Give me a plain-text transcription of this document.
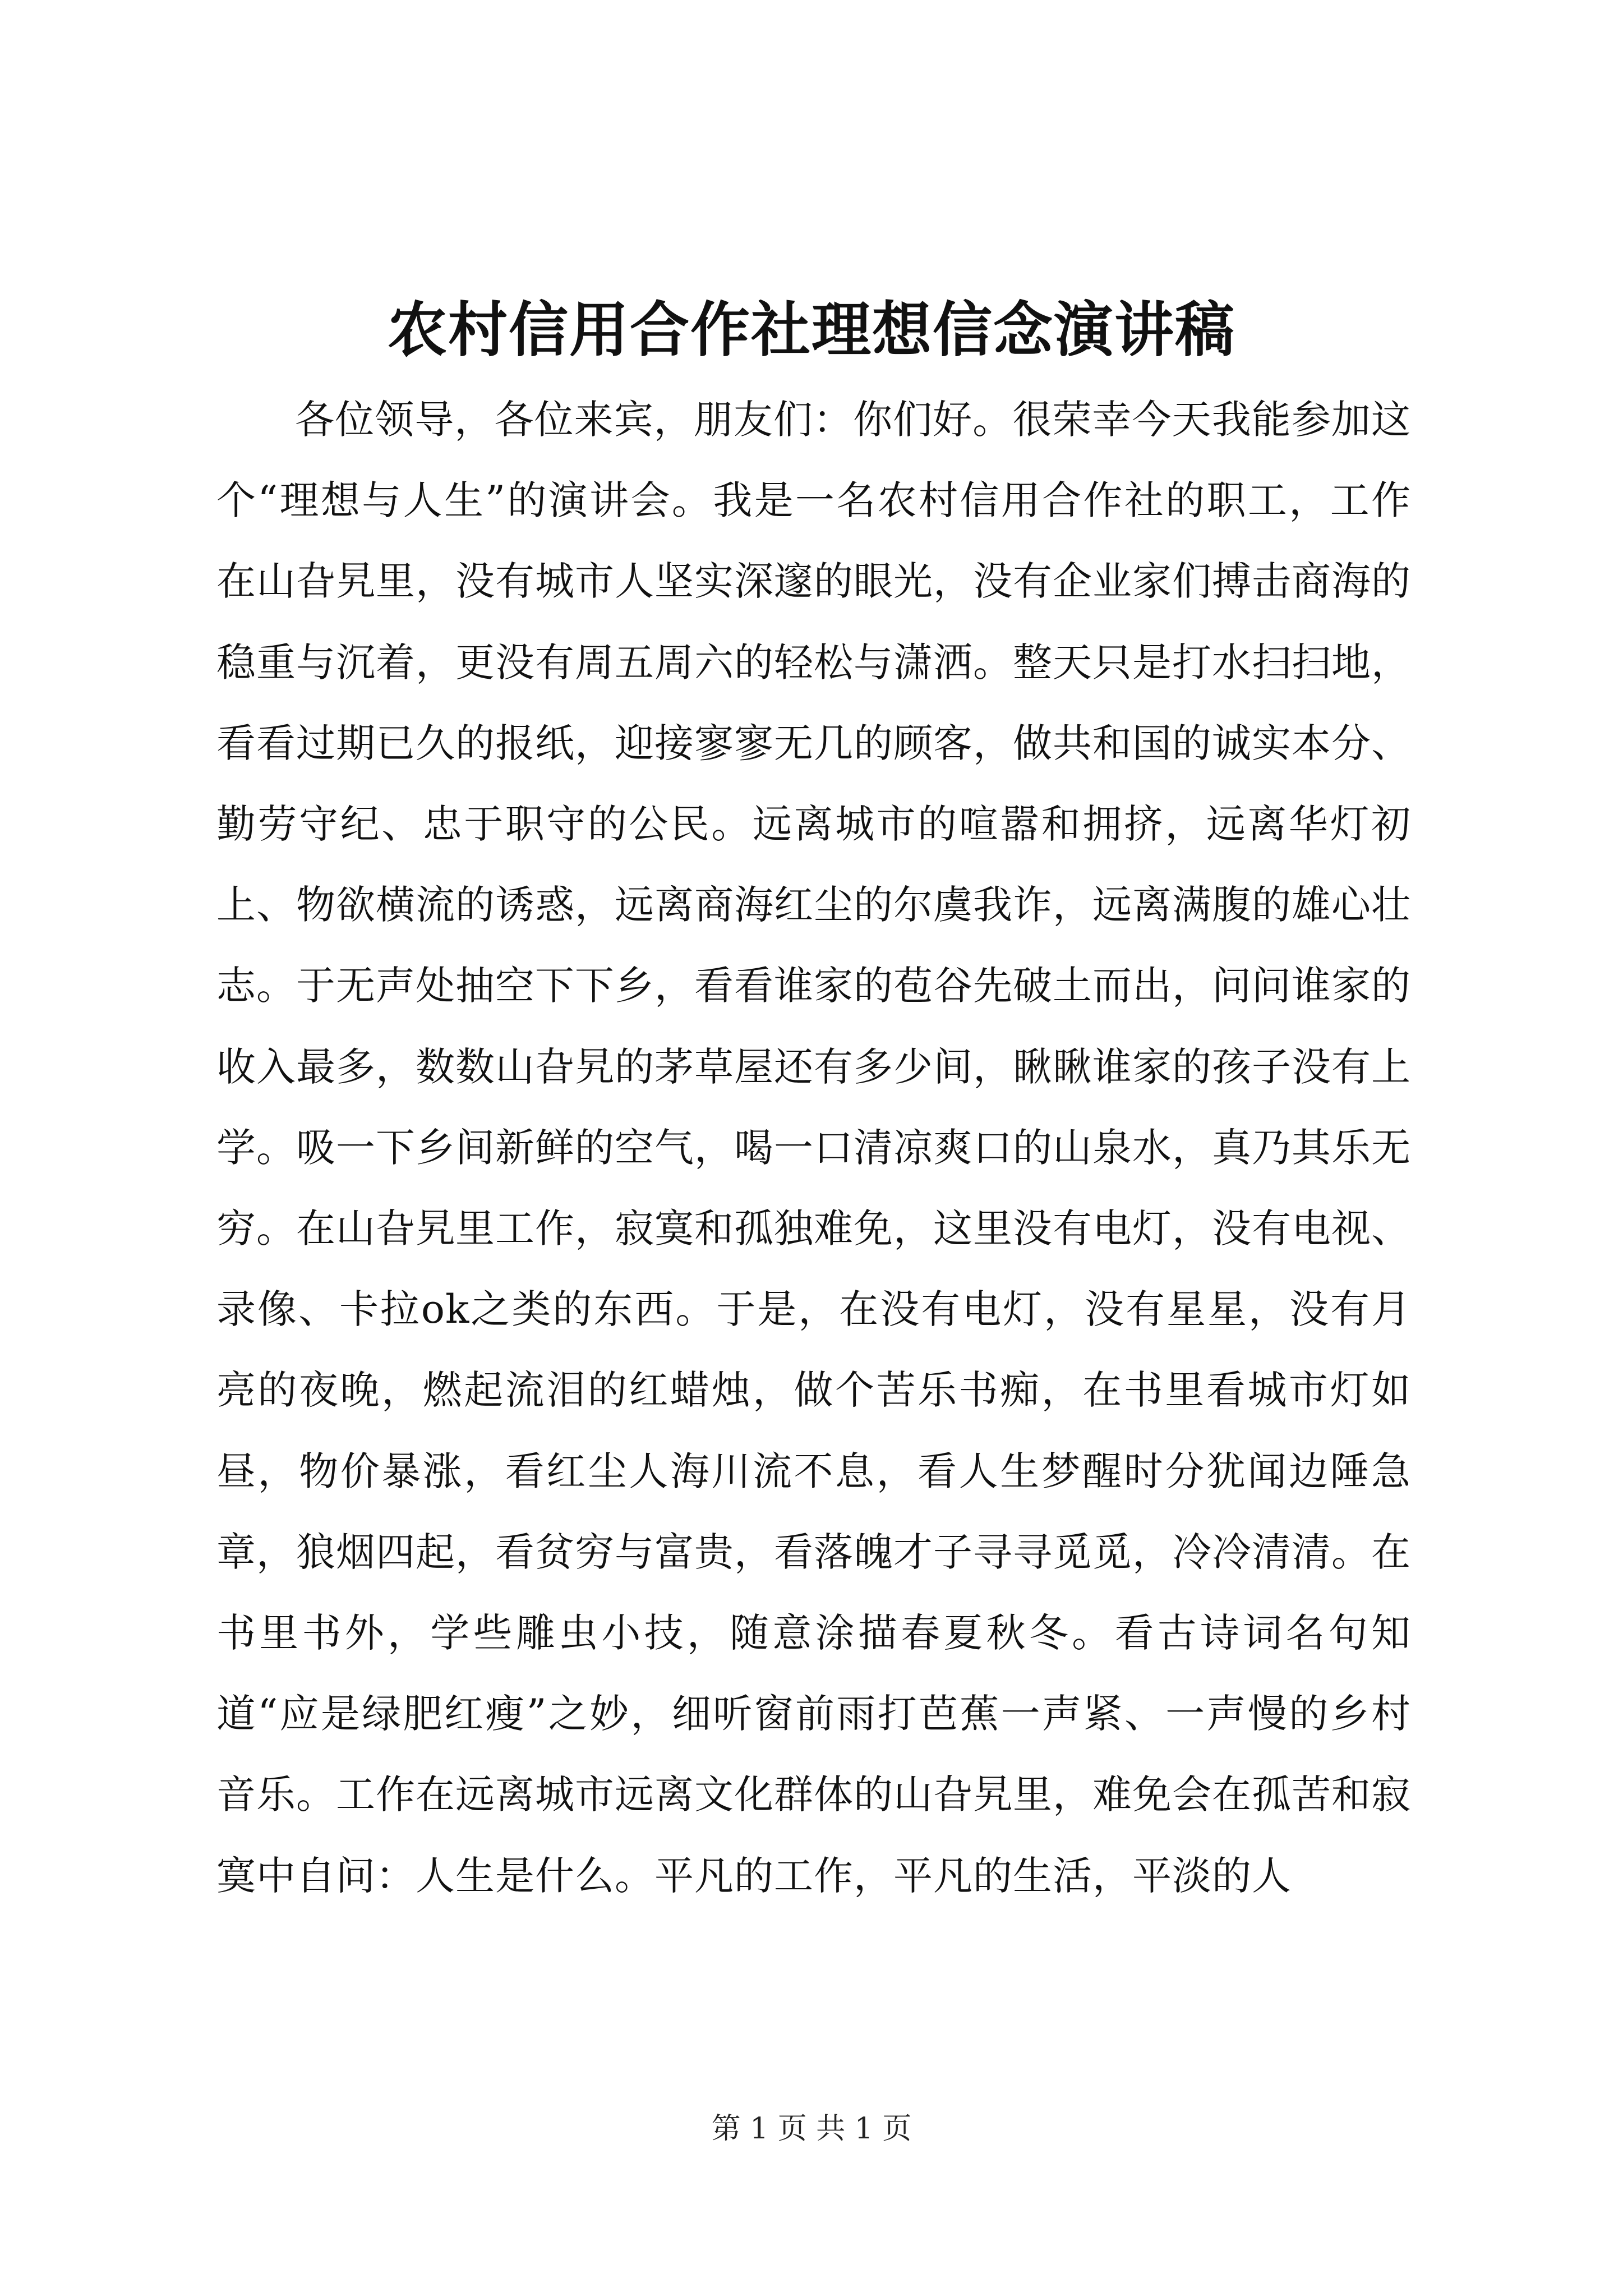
农村信用合作社理想信念演讲稿

各位领导，各位来宾，朋友们：你们好。很荣幸今天我能参加这个“理想与人生”的演讲会。我是一名农村信用合作社的职工，工作在山旮旯里，没有城市人坚实深邃的眼光，没有企业家们搏击商海的稳重与沉着，更没有周五周六的轻松与潇洒。整天只是打水扫扫地，看看过期已久的报纸，迎接寥寥无几的顾客，做共和国的诚实本分、勤劳守纪、忠于职守的公民。远离城市的喧嚣和拥挤，远离华灯初上、物欲横流的诱惑，远离商海红尘的尔虞我诈，远离满腹的雄心壮志。于无声处抽空下下乡，看看谁家的苞谷先破土而出，问问谁家的收入最多，数数山旮旯的茅草屋还有多少间，瞅瞅谁家的孩子没有上学。吸一下乡间新鲜的空气，喝一口清凉爽口的山泉水，真乃其乐无穷。在山旮旯里工作，寂寞和孤独难免，这里没有电灯，没有电视、录像、卡拉ok之类的东西。于是，在没有电灯，没有星星，没有月亮的夜晚，燃起流泪的红蜡烛，做个苦乐书痴，在书里看城市灯如昼，物价暴涨，看红尘人海川流不息，看人生梦醒时分犹闻边陲急章，狼烟四起，看贫穷与富贵，看落魄才子寻寻觅觅，冷冷清清。在书里书外，学些雕虫小技，随意涂描春夏秋冬。看古诗词名句知道“应是绿肥红瘦”之妙，细听窗前雨打芭蕉一声紧、一声慢的乡村音乐。工作在远离城市远离文化群体的山旮旯里，难免会在孤苦和寂寞中自问：人生是什么。平凡的工作，平凡的生活，平淡的人

第 1 页 共 1 页
